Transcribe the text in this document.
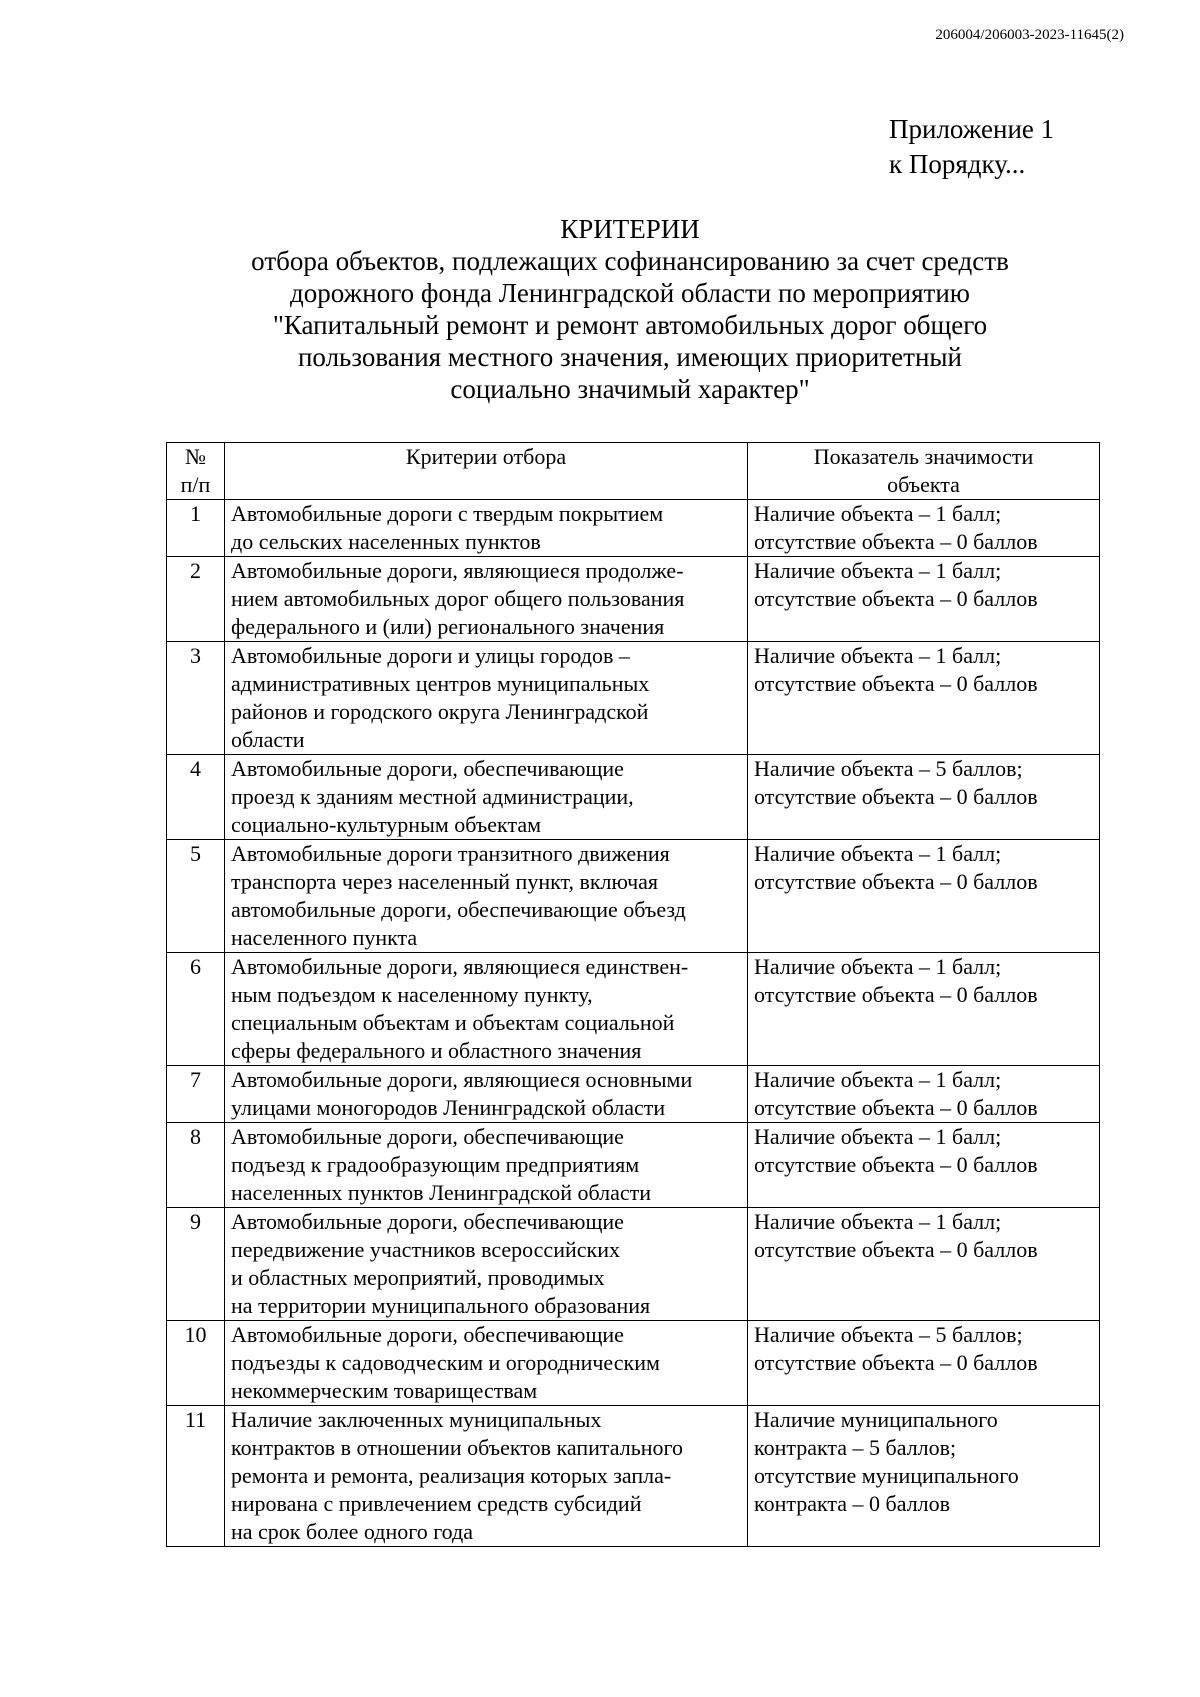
206004/206003-2023-11645(2)
Приложение 1
к Порядку...
КРИТЕРИИ
отбора объектов, подлежащих софинансированию за счет средств
дорожного фонда Ленинградской области по мероприятию
"Капитальный ремонт и ремонт автомобильных дорог общего
пользования местного значения, имеющих приоритетный
социально значимый характер"
№
п/п	Критерии отбора	Показатель значимости
объекта

1	Автомобильные дороги с твердым покрытием
до сельских населенных пунктов	Наличие объекта – 1 балл;
отсутствие объекта – 0 баллов

2	Автомобильные дороги, являющиеся продолже-
нием автомобильных дорог общего пользования
федерального и (или) регионального значения	Наличие объекта – 1 балл;
отсутствие объекта – 0 баллов

3	Автомобильные дороги и улицы городов –
административных центров муниципальных
районов и городского округа Ленинградской
области	Наличие объекта – 1 балл;
отсутствие объекта – 0 баллов

4	Автомобильные дороги, обеспечивающие
проезд к зданиям местной администрации,
социально-культурным объектам	Наличие объекта – 5 баллов;
отсутствие объекта – 0 баллов

5	Автомобильные дороги транзитного движения
транспорта через населенный пункт, включая
автомобильные дороги, обеспечивающие объезд
населенного пункта	Наличие объекта – 1 балл;
отсутствие объекта – 0 баллов

6	Автомобильные дороги, являющиеся единствен-
ным подъездом к населенному пункту,
специальным объектам и объектам социальной
сферы федерального и областного значения	Наличие объекта – 1 балл;
отсутствие объекта – 0 баллов

7	Автомобильные дороги, являющиеся основными
улицами моногородов Ленинградской области	Наличие объекта – 1 балл;
отсутствие объекта – 0 баллов

8	Автомобильные дороги, обеспечивающие
подъезд к градообразующим предприятиям
населенных пунктов Ленинградской области	Наличие объекта – 1 балл;
отсутствие объекта – 0 баллов

9	Автомобильные дороги, обеспечивающие
передвижение участников всероссийских
и областных мероприятий, проводимых
на территории муниципального образования	Наличие объекта – 1 балл;
отсутствие объекта – 0 баллов

10	Автомобильные дороги, обеспечивающие
подъезды к садоводческим и огородническим
некоммерческим товариществам	Наличие объекта – 5 баллов;
отсутствие объекта – 0 баллов

11	Наличие заключенных муниципальных
контрактов в отношении объектов капитального
ремонта и ремонта, реализация которых запла-
нирована с привлечением средств субсидий
на срок более одного года	Наличие муниципального
контракта – 5 баллов;
отсутствие муниципального
контракта – 0 баллов
